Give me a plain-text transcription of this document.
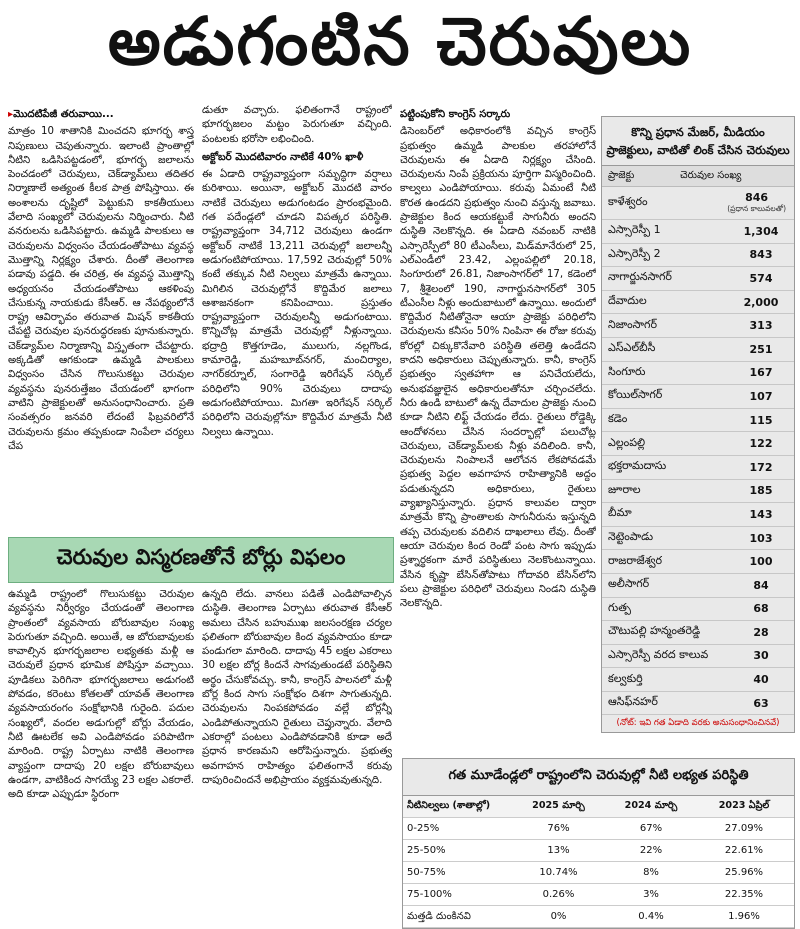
అడుగంటిన చెరువులు

▸ మొదటిపేజీ తరువాయి...

మాత్రం 10 శాతానికి మించదని భూగర్భ శాస్త్ర నిపుణులు చెపుతున్నారు. ఇలాంటి ప్రాంతాల్లో నీటిని ఒడిసిపట్టడంలో, భూగర్భ జలాలను పెంచడంలో చెరువులు, చెక్‌డ్యామ్‌లు తదితర నిర్మాణాలే అత్యంత కీలక పాత్ర పోషిస్తాయి. ఈ అంశాలను దృష్టిలో పెట్టుకుని కాకతీయులు వేలాది సంఖ్యలో చెరువులను నిర్మించారు. నీటి వనరులను ఒడిసిపట్టారు. ఉమ్మడి పాలకులు ఆ చెరువులను విధ్వంసం చేయడంతోపాటు వ్యవస్థ మొత్తాన్ని నిర్లక్ష్యం చేశారు. దీంతో తెలంగాణ పడావు పడ్డది. ఈ చరిత్ర, ఈ వ్యవస్థ మొత్తాన్ని అధ్యయనం చేయడంతోపాటు ఆకళింపు చేసుకున్న నాయకుడు కేసీఆర్. ఆ నేపథ్యంలోనే రాష్ట్ర ఆవిర్భావం తరువాత మిషన్ కాకతీయ చేపట్టి చెరువుల పునరుద్ధరణకు పూనుకున్నారు. చెక్‌డ్యామ్‌ల నిర్మాణాన్ని విస్తృతంగా చేపట్టారు. అక్కడితో ఆగకుండా ఉమ్మడి పాలకులు విధ్వంసం చేసిన గొలుసుకట్టు చెరువుల వ్యవస్థను పునరుత్తేజం చేయడంలో భాగంగా వాటిని ప్రాజెక్టులతో అనుసంధానించారు. ప్రతి సంవత్సరం జనవరి లేదంటే ఫిబ్రవరిలోనే చెరువులను క్రమం తప్పకుండా నింపేలా చర్యలు చేప

డుతూ వచ్చారు. ఫలితంగానే రాష్ట్రంలో భూగర్భజలం మట్టం పెరుగుతూ వచ్చింది. పంటలకు భరోసా లభించింది.

అక్టోబర్ మొదటివారం నాటికే 40% ఖాళీ

ఈ ఏడాది రాష్ట్రవ్యాప్తంగా సమృద్ధిగా వర్షాలు కురిశాయి. అయినా, అక్టోబర్ మొదటి వారం నాటికే చెరువులు అడుగంటడం ప్రారంభమైంది. గత పదేండ్లలో చూడని విపత్కర పరిస్థితి. రాష్ట్రవ్యాప్తంగా 34,712 చెరువులు ఉండగా అక్టోబర్ నాటికే 13,211 చెరువుల్లో జలాలన్నీ అడుగంటిపోయాయి. 17,592 చెరువుల్లో 50% కంటే తక్కువ నీటి నిల్వలు మాత్రమే ఉన్నాయి. మిగిలిన చెరువుల్లోనే కొద్దిమేర జలాలు ఆశాజనకంగా కనిపించాయి. ప్రస్తుతం రాష్ట్రవ్యాప్తంగా చెరువులన్నీ అడుగంటాయి. కొన్నిచోట్ల మాత్రమే చెరువుల్లో నీళ్లున్నాయి. భద్రాద్రి కొత్తగూడెం, ములుగు, నల్లగొండ, కామారెడ్డి, మహబూబ్‌నగర్, మంచిర్యాల, నాగర్‌కర్నూల్, సంగారెడ్డి ఇరిగేషన్ సర్కిల్ పరిధిలోని 90% చెరువులు దాదాపు అడుగంటిపోయాయి. మిగతా ఇరిగేషన్ సర్కిల్ పరిధిలోని చెరువుల్లోనూ కొద్దిమేర మాత్రమే నీటి నిల్వలు ఉన్నాయి.

పట్టింపుకోని కాంగ్రెస్ సర్కారు

డిసెంబర్‌లో అధికారంలోకి వచ్చిన కాంగ్రెస్ ప్రభుత్వం ఉమ్మడి పాలకుల తరహాలోనే చెరువులను ఈ ఏడాది నిర్లక్ష్యం చేసింది. చెరువులను నింపే ప్రక్రియను పూర్తిగా విస్మరించింది. కాల్వలు ఎండిపోయాయి. కరువు ఏమంటే నీటి కొరత ఉండదని ప్రభుత్వం నుంచి వస్తున్న జవాబు. ప్రాజెక్టుల కింద ఆయకట్టుకే సాగునీరు అందని దుస్థితి నెలకొన్నది. ఈ ఏడాది నవంబర్ నాటికి ఎస్సారెస్పీలో 80 టీఎంసీలు, మిడ్‌మానేరులో 25, ఎల్‌ఎండీలో 23.42, ఎల్లంపల్లిలో 20.18, సింగూరులో 26.81, నిజాంసాగర్‌లో 17, కడెంలో 7, శ్రీశైలంలో 190, నాగార్జునసాగర్‌లో 305 టీఎంసీల నీళ్లు అందుబాటులో ఉన్నాయి. అందులో కొద్దిమేర నీటితోనైనా ఆయా ప్రాజెక్టు పరిధిలోని చెరువులను కనీసం 50% నింపినా ఈ రోజు కరువు కోరల్లో చిక్కుకొనేవారి పరిస్థితి తలెత్తి ఉండేదని కాదని అధికారులు చెప్పుతున్నారు. కానీ, కాంగ్రెస్ ప్రభుత్వం స్వతహాగా ఆ పనిచేయలేదు, అనుభవజ్ఞులైన అధికారులతోనూ చర్చించలేదు. నీరు ఉండి బాటులో ఉన్న దేవాదుల ప్రాజెక్టు నుంచి కూడా నీటిని లిఫ్ట్ చేయడం లేదు. రైతులు రోడ్డెక్కి ఆందోళనలు చేసిన సందర్భాల్లో పలుచోట్ల చెరువులు, చెక్‌డ్యామ్‌లకు నీళ్లు వదిలింది. కానీ, చెరువులను నింపాలనే ఆలోచన లేకపోవడమే ప్రభుత్వ పెద్దల అవగాహన రాహిత్యానికి అద్దం పడుతున్నదని అధికారులు, రైతులు వ్యాఖ్యానిస్తున్నారు. ప్రధాన కాలువల ద్వారా మాత్రమే కొన్ని ప్రాంతాలకు సాగునీరును ఇస్తున్నది తప్ప చెరువులకు వదిలిన దాఖలాలు లేవు. దీంతో ఆయా చెరువుల కింద రెండో పంట సాగు ఇప్పుడు ప్రశ్నార్థకంగా మారే పరిస్థితులు నెలకొంటున్నాయి. వేసిన కృష్ణా బేసిన్‌తోపాటు గోదావరి బేసిన్‌లోని పలు ప్రాజెక్టుల పరిధిలో చెరువులు నిండని దుస్థితి నెలకొన్నది.

కొన్ని ప్రధాన మేజర్, మీడియం ప్రాజెక్టులు, వాటితో లింక్ చేసిన చెరువులు
ప్రాజెక్టు	చెరువుల సంఖ్య
కాళేశ్వరం	846
(ప్రధాన కాలువలతో)
ఎస్సారెస్పీ 1	1,304
ఎస్సారెస్పీ 2	843
నాగార్జునసాగర్	574
దేవాదుల	2,000
నిజాంసాగర్	313
ఎస్ఎల్‌బీసీ	251
సింగూరు	167
కోయిల్‌సాగర్	107
కడెం	115
ఎల్లంపల్లి	122
భక్తరామదాసు	172
జూరాల	185
బీమా	143
నెట్టెంపాడు	103
రాజరాజేశ్వర	100
అలీసాగర్	84
గుత్ప	68
చౌటుపల్లి హన్మంతరెడ్డి	28
ఎస్సారెస్పీ వరద కాలువ	30
కల్వకుర్తి	40
ఆసిఫ్‌నహర్	63
(నోట్: ఇవి గత ఏడాది వరకు అనుసంధానించినవే)
చెరువుల విస్మరణతోనే బోర్లు విఫలం

ఉమ్మడి రాష్ట్రంలో గొలుసుకట్టు చెరువుల వ్యవస్థను నిర్వీర్యం చేయడంతో తెలంగాణ ప్రాంతంలో వ్యవసాయ బోరుబావుల సంఖ్య పెరుగుతూ వచ్చింది. అయితే, ఆ బోరుబావులకు కావాల్సిన భూగర్భజలాల లభ్యతకు మళ్లీ ఆ చెరువులే ప్రధాన భూమిక పోషిస్తూ వచ్చాయి. పూడికలు పెరిగినా భూగర్భజలాలు అడుగంటి పోవడం, కరెంటు కోతలతో యావత్ తెలంగాణ వ్యవసాయరంగం సంక్షోభానికి గురైంది. పదుల సంఖ్యలో, వందల అడుగుల్లో బోర్లు వేయడం, నీటి ఊటలేక అవి ఎండిపోవడం పరిపాటిగా మారింది. రాష్ట్ర ఏర్పాటు నాటికి తెలంగాణ వ్యాప్తంగా దాదాపు 20 లక్షల బోరుబావులు ఉండగా, వాటికింద సాగయ్యే 23 లక్షల ఎకరాలే. అది కూడా ఎప్పుడూ స్థిరంగా

ఉన్నది లేదు. వానలు పడితే ఎండిపోవాల్సిన దుస్థితి. తెలంగాణ ఏర్పాటు తరువాత కేసీఆర్ అమలు చేసిన బహుముఖ జలసంరక్షణ చర్యల ఫలితంగా బోరుబావుల కింద వ్యవసాయం కూడా పండుగలా మారింది. దాదాపు 45 లక్షల ఎకరాలు 30 లక్షల బోర్ల కిందనే సాగవుతుండటే పరిస్థితిని అర్థం చేసుకోవచ్చు. కానీ, కాంగ్రెస్ పాలనలో మళ్లీ బోర్ల కింద సాగు సంక్షోభం దిశగా సాగుతున్నది. చెరువులను నింపకపోవడం వల్లే బోర్లన్నీ ఎండిపోతున్నాయని రైతులు చెప్తున్నారు. వేలాది ఎకరాల్లో పంటలు ఎండిపోవడానికి కూడా అదే ప్రధాన కారణమని ఆరోపిస్తున్నారు. ప్రభుత్వ అవగాహన రాహిత్యం ఫలితంగానే కరువు దాపురించిందనే అభిప్రాయం వ్యక్తమవుతున్నది.	గత మూడేండ్లలో రాష్ట్రంలోని చెరువుల్లో నీటి లభ్యత పరిస్థితి
నీటినిల్వలు (శాతాల్లో)	2025 మార్చి	2024 మార్చి	2023 ఏప్రిల్
0-25%	76%	67%	27.09%
25-50%	13%	22%	22.61%
50-75%	10.74%	8%	25.96%
75-100%	0.26%	3%	22.35%
మత్తడి దుంకినవి	0%	0.4%	1.96%
